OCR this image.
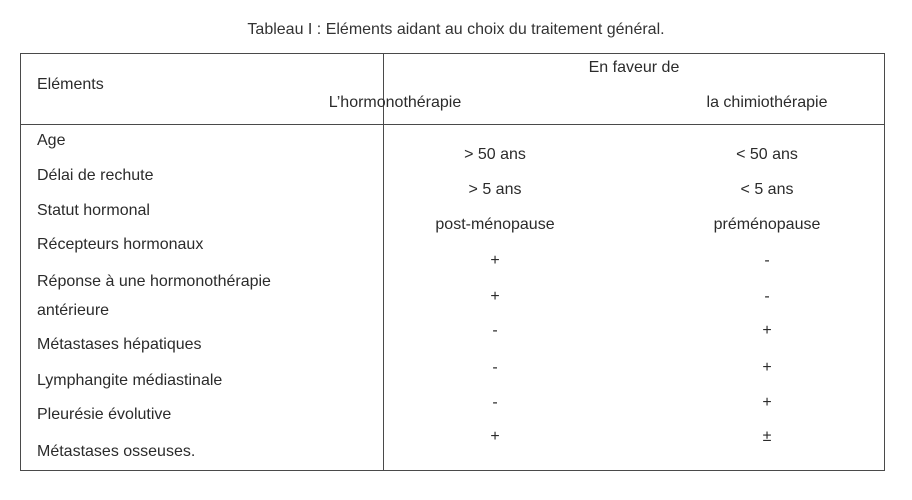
Tableau I : Eléments aidant au choix du traitement général.
Eléments
En faveur de
L’hormonothérapie	la chimiothérapie
Age
Délai de rechute
Statut hormonal
Récepteurs hormonaux
Réponse à une hormonothérapie
antérieure
Métastases hépatiques
Lymphangite médiastinale
Pleurésie évolutive
Métastases osseuses.
> 50 ans
> 5 ans
post-ménopause
+
+
-
-
-
+
< 50 ans
< 5 ans
préménopause
-
-
+
+
+
±
